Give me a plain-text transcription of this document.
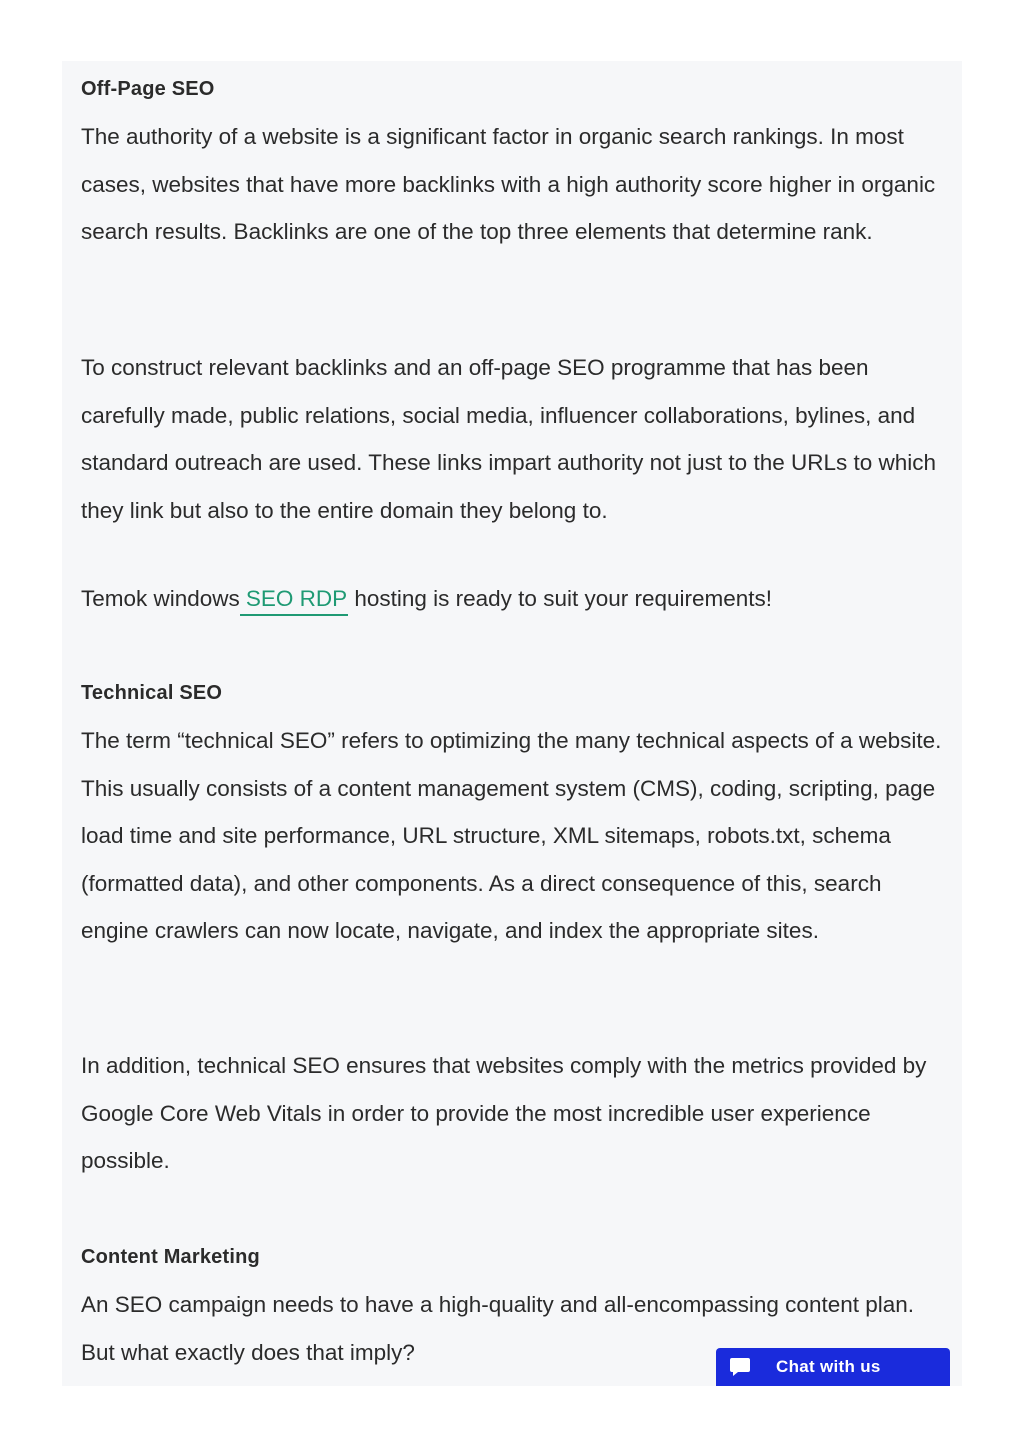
Off-Page SEO

The authority of a website is a significant factor in organic search rankings. In most cases, websites that have more backlinks with a high authority score higher in organic search results. Backlinks are one of the top three elements that determine rank.

To construct relevant backlinks and an off-page SEO programme that has been carefully made, public relations, social media, influencer collaborations, bylines, and standard outreach are used. These links impart authority not just to the URLs to which they link but also to the entire domain they belong to.

Temok windows SEO RDP hosting is ready to suit your requirements!

Technical SEO

The term “technical SEO” refers to optimizing the many technical aspects of a website. This usually consists of a content management system (CMS), coding, scripting, page load time and site performance, URL structure, XML sitemaps, robots.txt, schema (formatted data), and other components. As a direct consequence of this, search engine crawlers can now locate, navigate, and index the appropriate sites.

In addition, technical SEO ensures that websites comply with the metrics provided by Google Core Web Vitals in order to provide the most incredible user experience possible.

Content Marketing

An SEO campaign needs to have a high-quality and all-encompassing content plan. But what exactly does that imply?

Chat with us
